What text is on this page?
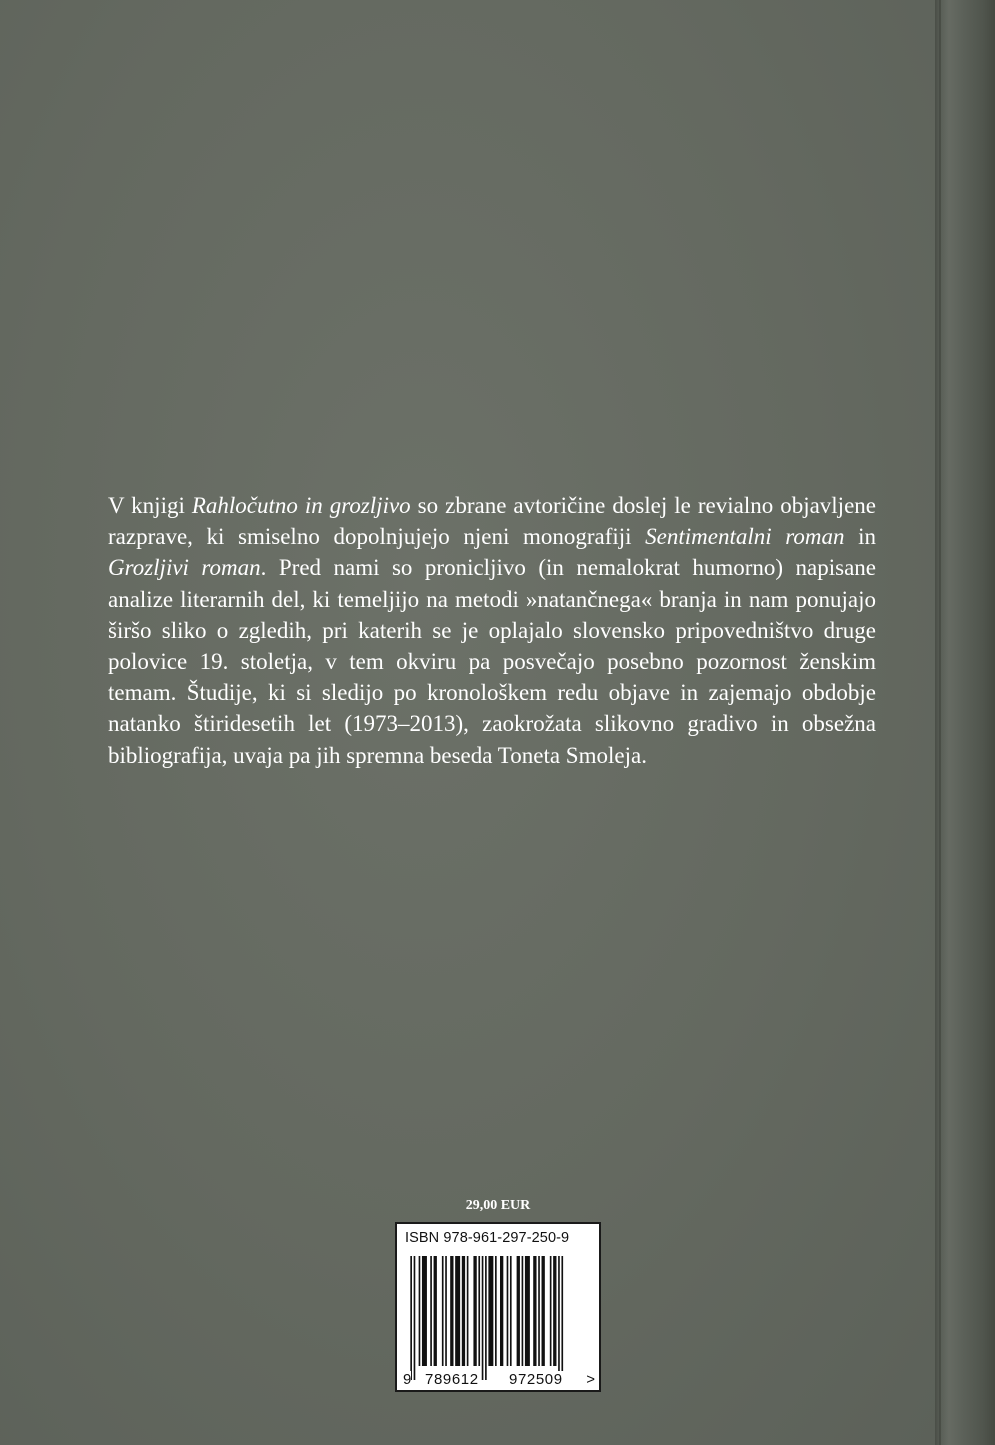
V knjigi Rahločutno in grozljivo so zbrane avtoričine doslej le revialno objavljene razprave, ki smiselno dopolnjujejo njeni monografiji Sentimentalni roman in Grozljivi roman. Pred nami so pronicljivo (in nemalokrat humorno) napisane analize literarnih del, ki temeljijo na metodi »natančnega« branja in nam ponujajo širšo sliko o zgledih, pri katerih se je oplajalo slovensko pripovedništvo druge polovice 19. stoletja, v tem okviru pa posvečajo posebno pozornost ženskim temam. Študije, ki si sledijo po kronološkem redu objave in zajemajo obdobje natanko štiridesetih let (1973–2013), zaokrožata slikovno gradivo in obsežna bibliografija, uvaja pa jih spremna beseda Toneta Smoleja.

29,00 EUR
ISBN 978-961-297-250-9
9 789612 972509 >
